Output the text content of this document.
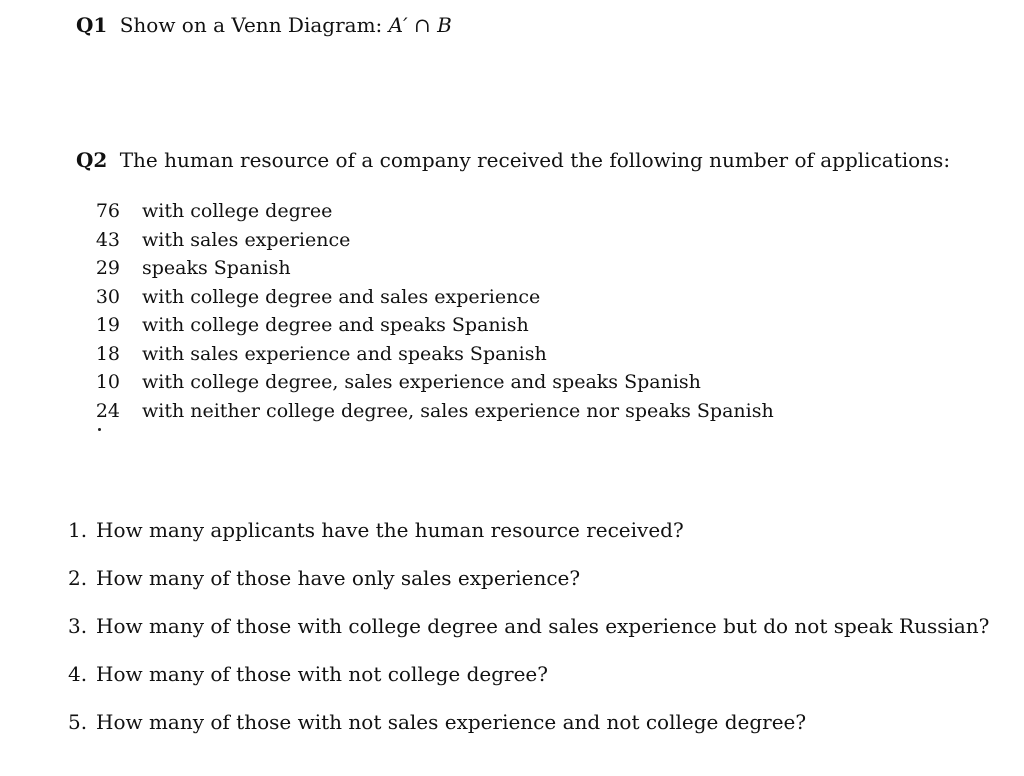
Q1 Show on a Venn Diagram: A′ ∩ B
Q2 The human resource of a company received the following number of applications:
76 with college degree
43 with sales experience
29 speaks Spanish
30 with college degree and sales experience
19 with college degree and speaks Spanish
18 with sales experience and speaks Spanish
10 with college degree, sales experience and speaks Spanish
24 with neither college degree, sales experience nor speaks Spanish
1. How many applicants have the human resource received?
2. How many of those have only sales experience?
3. How many of those with college degree and sales experience but do not speak Russian?
4. How many of those with not college degree?
5. How many of those with not sales experience and not college degree?
